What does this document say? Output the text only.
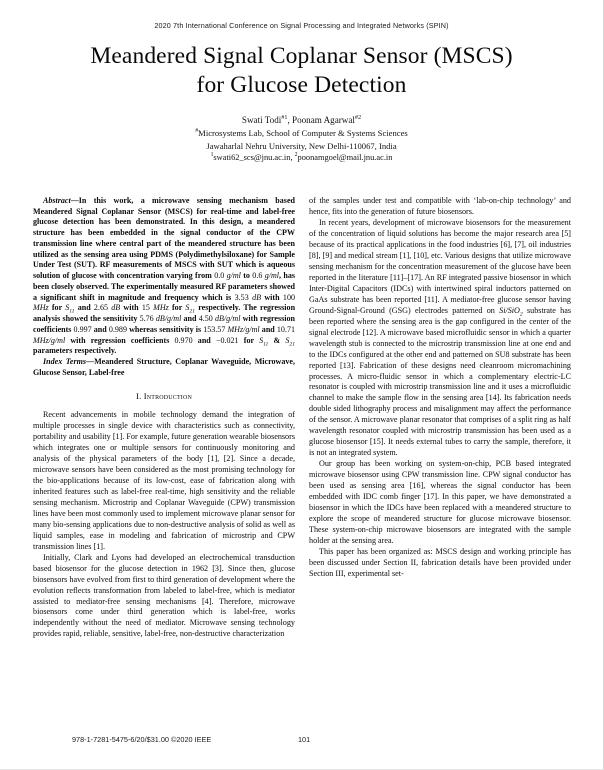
2020 7th International Conference on Signal Processing and Integrated Networks (SPIN)
Meandered Signal Coplanar Sensor (MSCS)
for Glucose Detection
Swati Todi$^{\#1}$, Poonam Agarwal$^{\#2}$
#Microsystems Lab, School of Computer & Systems Sciences
Jawaharlal Nehru University, New Delhi-110067, India
$^1$swati62_scs@jnu.ac.in, $^2$poonamgoel@mail.jnu.ac.in

Abstract—In this work, a microwave sensing mechanism based Meandered Signal Coplanar Sensor (MSCS) for real-time and label-free glucose detection has been demonstrated. In this design, a meandered structure has been embedded in the signal conductor of the CPW transmission line where central part of the meandered structure has been utilized as the sensing area using PDMS (Polydimethylsiloxane) for Sample Under Test (SUT). RF measurements of MSCS with SUT which is aqueous solution of glucose with concentration varying from 0.0 g/ml to 0.6 g/ml, has been closely observed. The experimentally measured RF parameters showed a significant shift in magnitude and frequency which is 3.53 dB with 100 MHz for $S_{11}$ and 2.65 dB with 15 MHz for $S_{21}$ respectively. The regression analysis showed the sensitivity 5.76 dB/g/ml and 4.50 dB/g/ml with regression coefficients 0.997 and 0.989 whereas sensitivity is 153.57 MHz/g/ml and 10.71 MHz/g/ml with regression coefficients 0.970 and −0.021 for $S_{11}$ & $S_{21}$ parameters respectively.

Index Terms—Meandered Structure, Coplanar Waveguide, Microwave, Glucose Sensor, Label-free

I. Introduction

Recent advancements in mobile technology demand the integration of multiple processes in single device with characteristics such as connectivity, portability and usability [1]. For example, future generation wearable biosensors which integrates one or multiple sensors for continuously monitoring and analysis of the physical parameters of the body [1], [2]. Since a decade, microwave sensors have been considered as the most promising technology for the bio-applications because of its low-cost, ease of fabrication along with inherited features such as label-free real-time, high sensitivity and the reliable sensing mechanism. Microstrip and Coplanar Waveguide (CPW) transmission lines have been most commonly used to implement microwave planar sensor for many bio-sensing applications due to non-destructive analysis of solid as well as liquid samples, ease in modeling and fabrication of microstrip and CPW transmission lines [1].

Initially, Clark and Lyons had developed an electrochemical transduction based biosensor for the glucose detection in 1962 [3]. Since then, glucose biosensors have evolved from first to third generation of development where the evolution reflects transformation from labeled to label-free, which is mediator assisted to mediator-free sensing mechanisms [4]. Therefore, microwave biosensors come under third generation which is label-free, works independently without the need of mediator. Microwave sensing technology provides rapid, reliable, sensitive, label-free, non-destructive characterization

of the samples under test and compatible with ‘lab-on-chip technology’ and hence, fits into the generation of future biosensors.

In recent years, development of microwave biosensors for the measurement of the concentration of liquid solutions has become the major research area [5] because of its practical applications in the food industries [6], [7], oil industries [8], [9] and medical stream [1], [10], etc. Various designs that utilize microwave sensing mechanism for the concentration measurement of the glucose have been reported in the literature [11]–[17]. An RF integrated passive biosensor in which Inter-Digital Capacitors (IDCs) with intertwined spiral inductors patterned on GaAs substrate has been reported [11]. A mediator-free glucose sensor having Ground-Signal-Ground (GSG) electrodes patterned on Si/SiO$_2$ substrate has been reported where the sensing area is the gap configured in the center of the signal electrode [12]. A microwave based microfluidic sensor in which a quarter wavelength stub is connected to the microstrip transmission line at one end and to the IDCs configured at the other end and patterned on SU8 substrate has been reported [13]. Fabrication of these designs need cleanroom micromachining processes. A micro-fluidic sensor in which a complementary electric-LC resonator is coupled with microstrip transmission line and it uses a microfluidic channel to make the sample flow in the sensing area [14]. Its fabrication needs double sided lithography process and misalignment may affect the performance of the sensor. A microwave planar resonator that comprises of a split ring as half wavelength resonator coupled with microstrip transmission has been used as a glucose biosensor [15]. It needs external tubes to carry the sample, therefore, it is not an integrated system.

Our group has been working on system-on-chip, PCB based integrated microwave biosensor using CPW transmission line. CPW signal conductor has been used as sensing area [16], whereas the signal conductor has been embedded with IDC comb finger [17]. In this paper, we have demonstrated a biosensor in which the IDCs have been replaced with a meandered structure to explore the scope of meandered structure for glucose microwave biosensor. These system-on-chip microwave biosensors are integrated with the sample holder at the sensing area.

This paper has been organized as: MSCS design and working principle has been discussed under Section II, fabrication details have been provided under Section III, experimental set-

978-1-7281-5475-6/20/$31.00 ©2020 IEEE	101
